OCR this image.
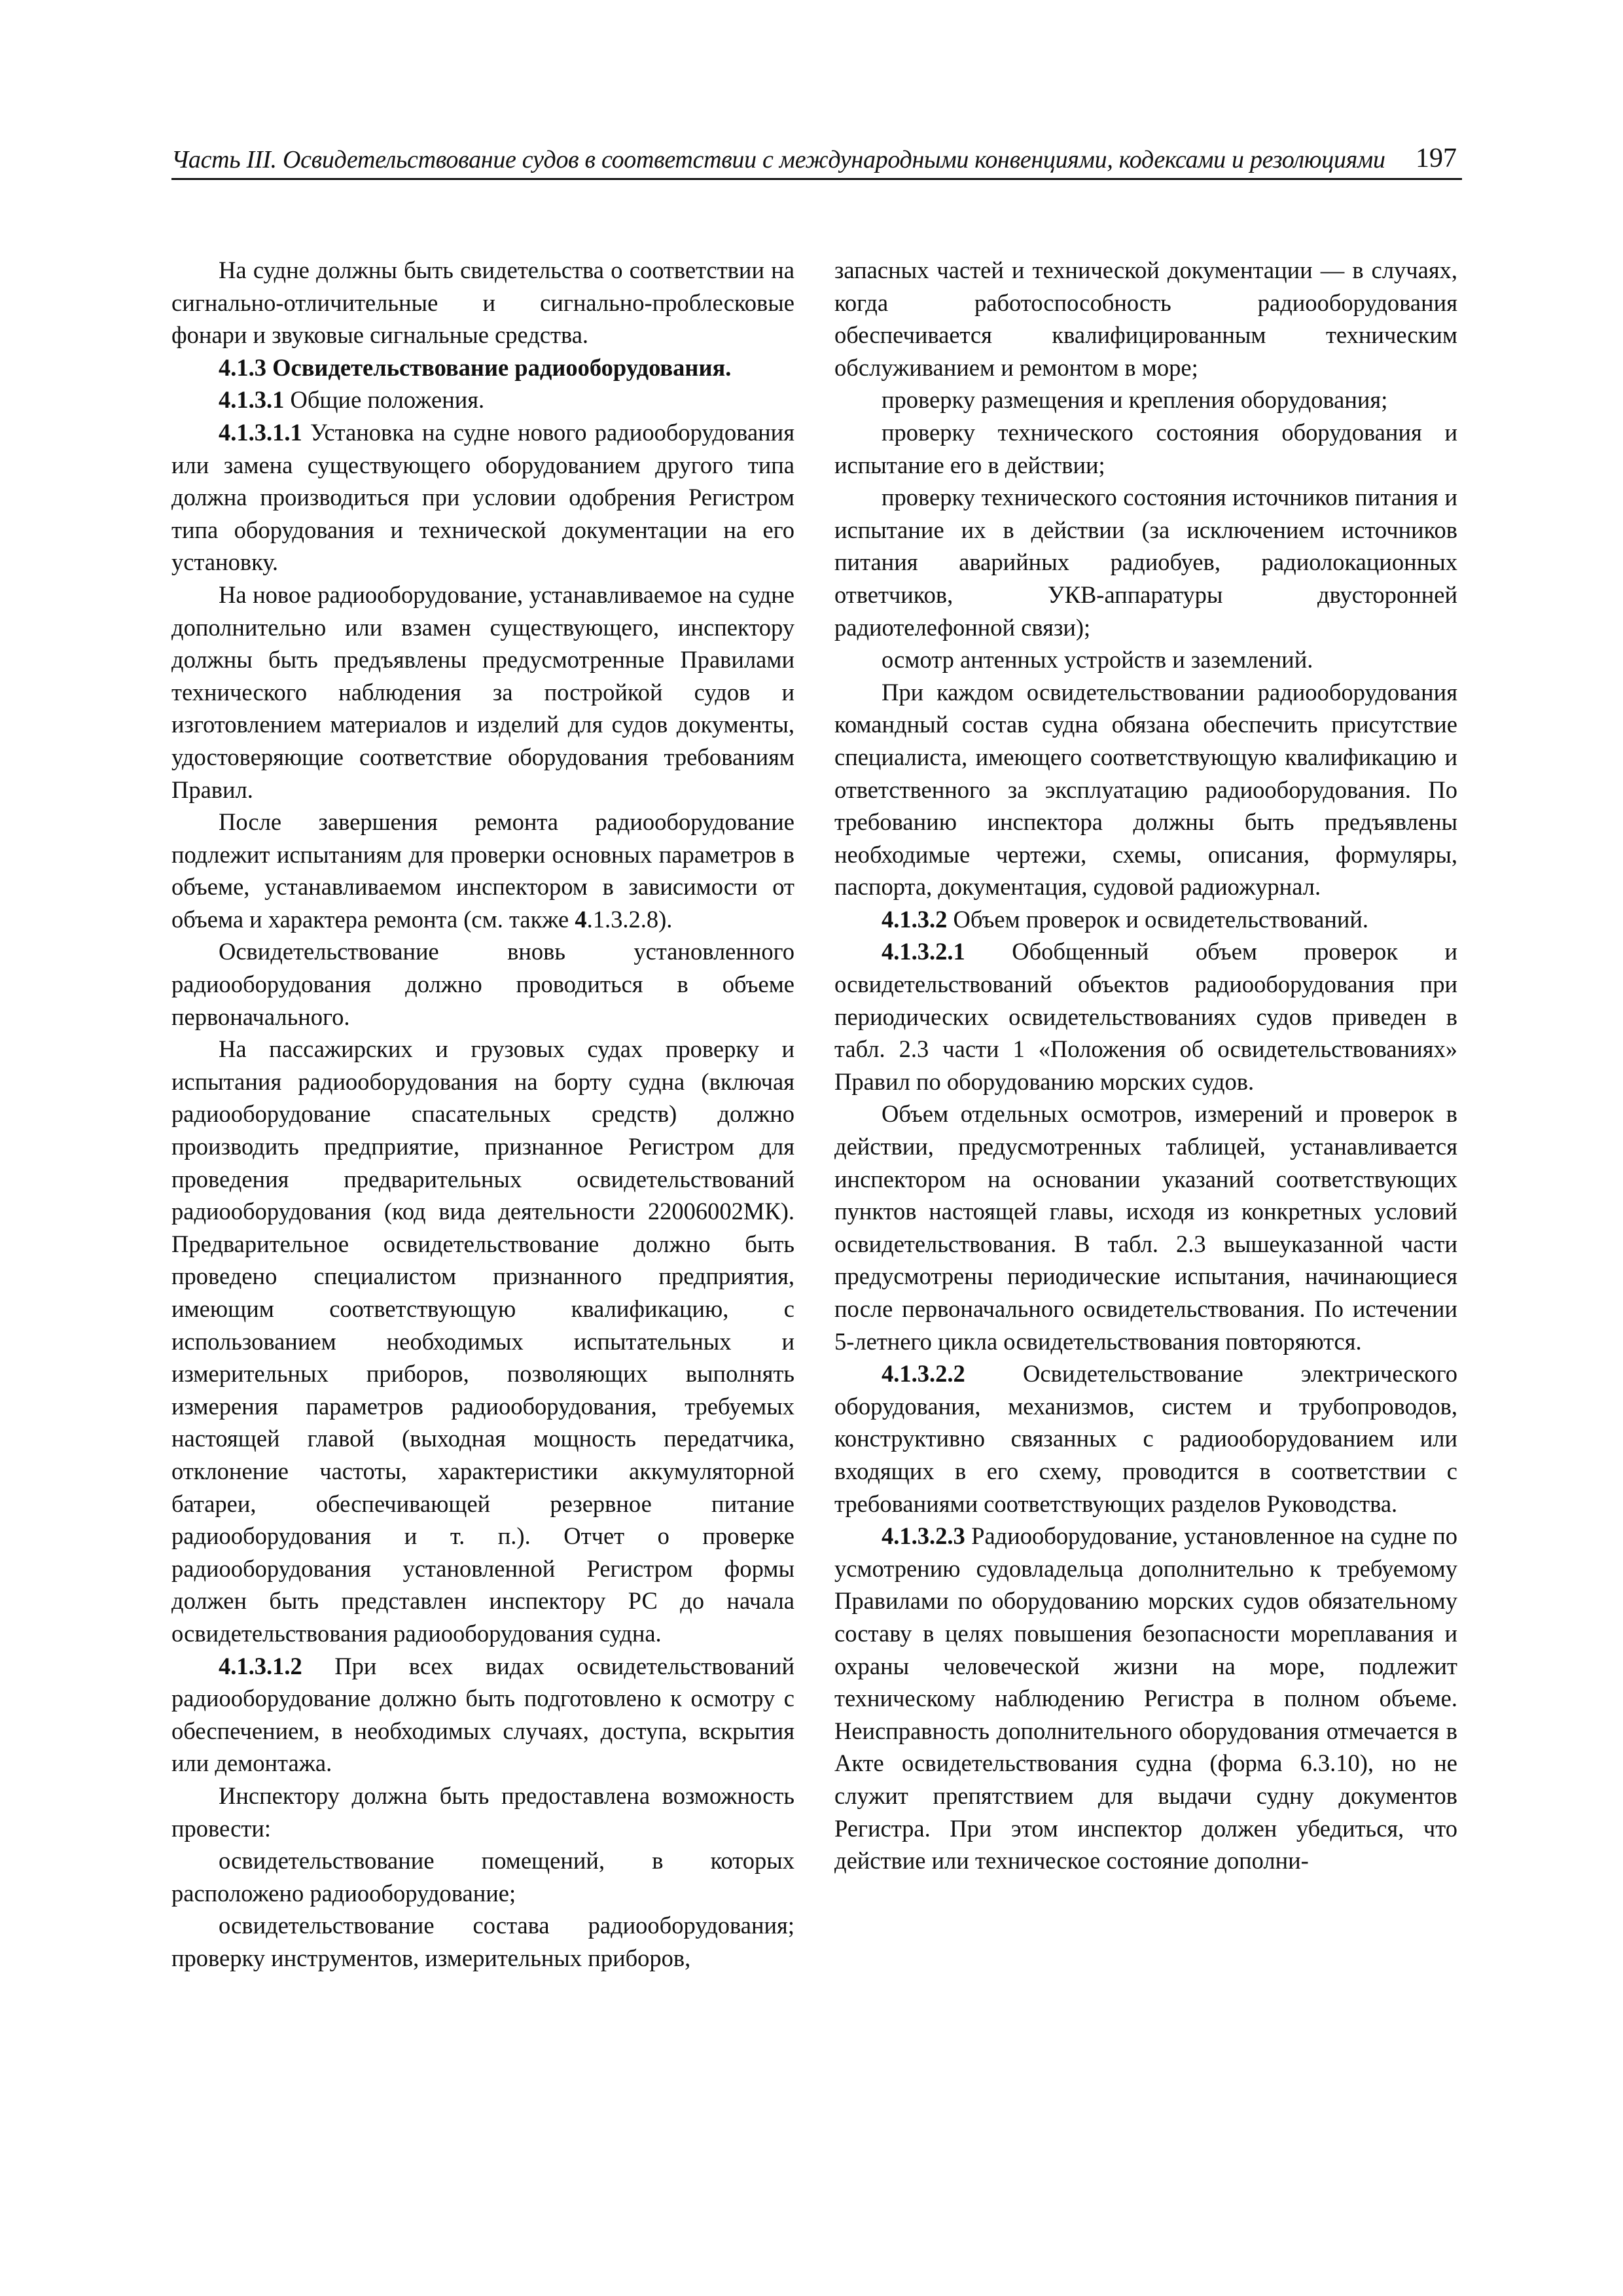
Часть III. Освидетельствование судов в соответствии с международными конвенциями, кодексами и резолюциями 197

На судне должны быть свидетельства о соответствии на сигнально-отличительные и сигнально-проблесковые фонари и звуковые сигнальные средства.

4.1.3 Освидетельствование радиооборудования.

4.1.3.1 Общие положения.

4.1.3.1.1 Установка на судне нового радиооборудования или замена существующего оборудованием другого типа должна производиться при условии одобрения Регистром типа оборудования и технической документации на его установку.

На новое радиооборудование, устанавливаемое на судне дополнительно или взамен существующего, инспектору должны быть предъявлены предусмотренные Правилами технического наблюдения за постройкой судов и изготовлением материалов и изделий для судов документы, удостоверяющие соответствие оборудования требованиям Правил.

После завершения ремонта радиооборудование подлежит испытаниям для проверки основных параметров в объеме, устанавливаемом инспектором в зависимости от объема и характера ремонта (см. также 4.1.3.2.8).

Освидетельствование вновь установленного радиооборудования должно проводиться в объеме первоначального.

На пассажирских и грузовых судах проверку и испытания радиооборудования на борту судна (включая радиооборудование спасательных средств) должно производить предприятие, признанное Регистром для проведения предварительных освидетельствований радиооборудования (код вида деятельности 22006002МК). Предварительное освидетельствование должно быть проведено специалистом признанного предприятия, имеющим соответствующую квалификацию, с использованием необходимых испытательных и измерительных приборов, позволяющих выполнять измерения параметров радиооборудования, требуемых настоящей главой (выходная мощность передатчика, отклонение частоты, характеристики аккумуляторной батареи, обеспечивающей резервное питание радиооборудования и т. п.). Отчет о проверке радиооборудования установленной Регистром формы должен быть представлен инспектору РС до начала освидетельствования радиооборудования судна.

4.1.3.1.2 При всех видах освидетельствований радиооборудование должно быть подготовлено к осмотру с обеспечением, в необходимых случаях, доступа, вскрытия или демонтажа.

Инспектору должна быть предоставлена возможность провести:

освидетельствование помещений, в которых расположено радиооборудование;

освидетельствование состава радиооборудования; проверку инструментов, измерительных приборов,

запасных частей и технической документации — в случаях, когда работоспособность радиооборудования обеспечивается квалифицированным техническим обслуживанием и ремонтом в море;

проверку размещения и крепления оборудования;

проверку технического состояния оборудования и испытание его в действии;

проверку технического состояния источников питания и испытание их в действии (за исключением источников питания аварийных радиобуев, радиолокационных ответчиков, УКВ-аппаратуры двусторонней радиотелефонной связи);

осмотр антенных устройств и заземлений.

При каждом освидетельствовании радиооборудования командный состав судна обязана обеспечить присутствие специалиста, имеющего соответствующую квалификацию и ответственного за эксплуатацию радиооборудования. По требованию инспектора должны быть предъявлены необходимые чертежи, схемы, описания, формуляры, паспорта, документация, судовой радиожурнал.

4.1.3.2 Объем проверок и освидетельствований.

4.1.3.2.1 Обобщенный объем проверок и освидетельствований объектов радиооборудования при периодических освидетельствованиях судов приведен в табл. 2.3 части 1 «Положения об освидетельствованиях» Правил по оборудованию морских судов.

Объем отдельных осмотров, измерений и проверок в действии, предусмотренных таблицей, устанавливается инспектором на основании указаний соответствующих пунктов настоящей главы, исходя из конкретных условий освидетельствования. В табл. 2.3 вышеуказанной части предусмотрены периодические испытания, начинающиеся после первоначального освидетельствования. По истечении 5-летнего цикла освидетельствования повторяются.

4.1.3.2.2 Освидетельствование электрического оборудования, механизмов, систем и трубопроводов, конструктивно связанных с радиооборудованием или входящих в его схему, проводится в соответствии с требованиями соответствующих разделов Руководства.

4.1.3.2.3 Радиооборудование, установленное на судне по усмотрению судовладельца дополнительно к требуемому Правилами по оборудованию морских судов обязательному составу в целях повышения безопасности мореплавания и охраны человеческой жизни на море, подлежит техническому наблюдению Регистра в полном объеме. Неисправность дополнительного оборудования отмечается в Акте освидетельствования судна (форма 6.3.10), но не служит препятствием для выдачи судну документов Регистра. При этом инспектор должен убедиться, что действие или техническое состояние дополни-
